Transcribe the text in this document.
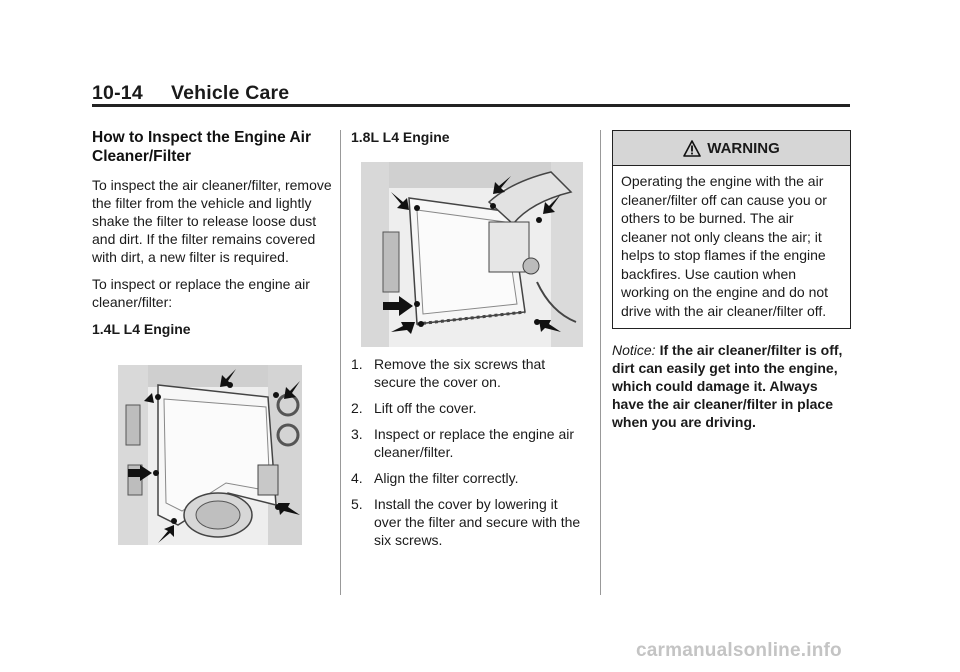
10-14     Vehicle Care
How to Inspect the Engine Air Cleaner/Filter

To inspect the air cleaner/filter, remove the filter from the vehicle and lightly shake the filter to release loose dust and dirt. If the filter remains covered with dirt, a new filter is required.

To inspect or replace the engine air cleaner/filter:

1.4L L4 Engine
1.8L L4 Engine
1. Remove the six screws that secure the cover on.
2. Lift off the cover.
3. Inspect or replace the engine air cleaner/filter.
4. Align the filter correctly.
5. Install the cover by lowering it over the filter and secure with the six screws.
WARNING
Operating the engine with the air cleaner/filter off can cause you or others to be burned. The air cleaner not only cleans the air; it helps to stop flames if the engine backfires. Use caution when working on the engine and do not drive with the air cleaner/filter off.
Notice: If the air cleaner/filter is off, dirt can easily get into the engine, which could damage it. Always have the air cleaner/filter in place when you are driving.
carmanualsonline.info
